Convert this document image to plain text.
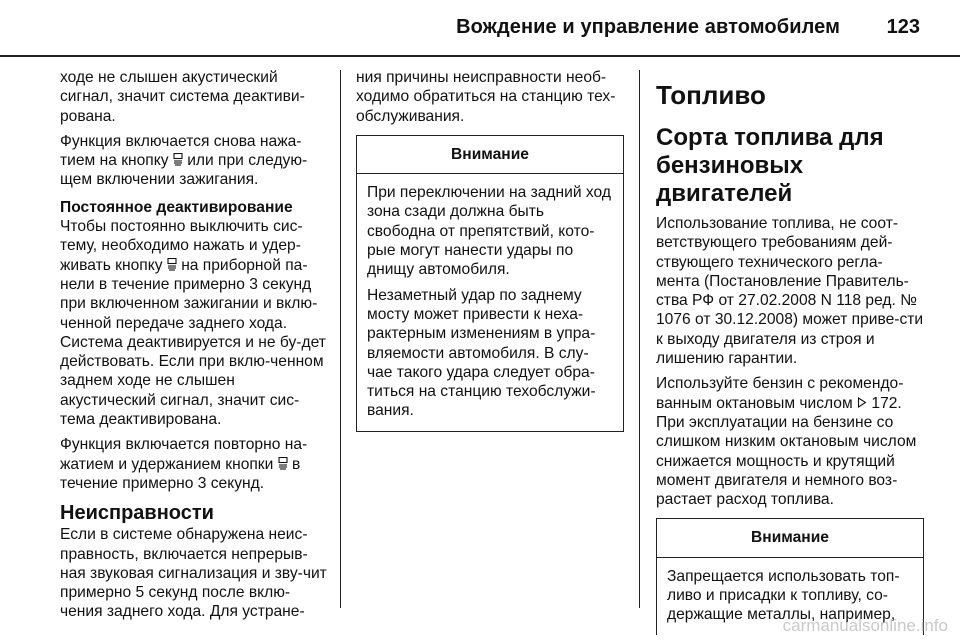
Вождение и управление автомобилем 123

ходе не слышен акустический сигнал, значит система деактиви-рована.

Функция включается снова нажа-тием на кнопку  или при следую-щем включении зажигания.

Постоянное деактивирование

Чтобы постоянно выключить сис-тему, необходимо нажать и удер-живать кнопку  на приборной па-нели в течение примерно 3 секунд при включенном зажигании и вклю-ченной передаче заднего хода. Система деактивируется и не бу-дет действовать. Если при вклю-ченном заднем ходе не слышен акустический сигнал, значит сис-тема деактивирована.

Функция включается повторно на-жатием и удержанием кнопки  в течение примерно 3 секунд.

Неисправности

Если в системе обнаружена неис-правность, включается непрерыв-ная звуковая сигнализация и зву-чит примерно 5 секунд после вклю-чения заднего хода. Для устране-

ния причины неисправности необ-ходимо обратиться на станцию тех-обслуживания.

Внимание

При переключении на задний ход зона сзади должна быть свободна от препятствий, кото-рые могут нанести удары по днищу автомобиля.

Незаметный удар по заднему мосту может привести к неха-рактерным изменениям в упра-вляемости автомобиля. В слу-чае такого удара следует обра-титься на станцию техобслужи-вания.

Топливо
Сорта топлива для бензиновых двигателей

Использование топлива, не соот-ветствующего требованиям дей-ствующего технического регла-мента (Постановление Правитель-ства РФ от 27.02.2008 N 118 ред. № 1076 от 30.12.2008) может приве-сти к выходу двигателя из строя и лишению гарантии.

Используйте бензин с рекомендо-ванным октановым числом  172. При эксплуатации на бензине со слишком низким октановым числом снижается мощность и крутящий момент двигателя и немного воз-растает расход топлива.

Внимание

Запрещается использовать топ-ливо и присадки к топливу, со-держащие металлы, например,

carmanualsonline.info
